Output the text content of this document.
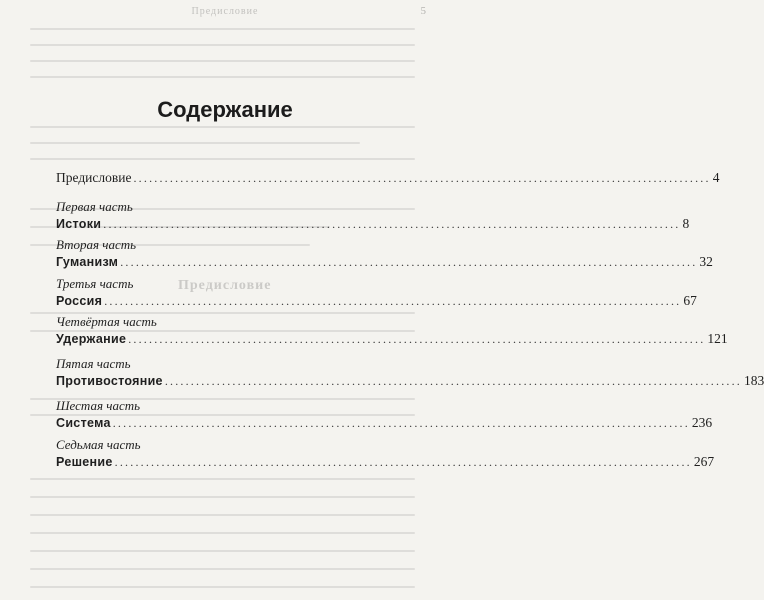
Предисловие	5
Предисловие
Содержание
Предисловие ............................................................................................................... 4
Первая часть
Истоки ............................................................................................................... 8
Вторая часть
Гуманизм ............................................................................................................... 32
Третья часть
Россия ............................................................................................................... 67
Четвёртая часть
Удержание ............................................................................................................... 121
Пятая часть
Противостояние ............................................................................................................... 183
Шестая часть
Система ............................................................................................................... 236
Седьмая часть
Решение ............................................................................................................... 267
